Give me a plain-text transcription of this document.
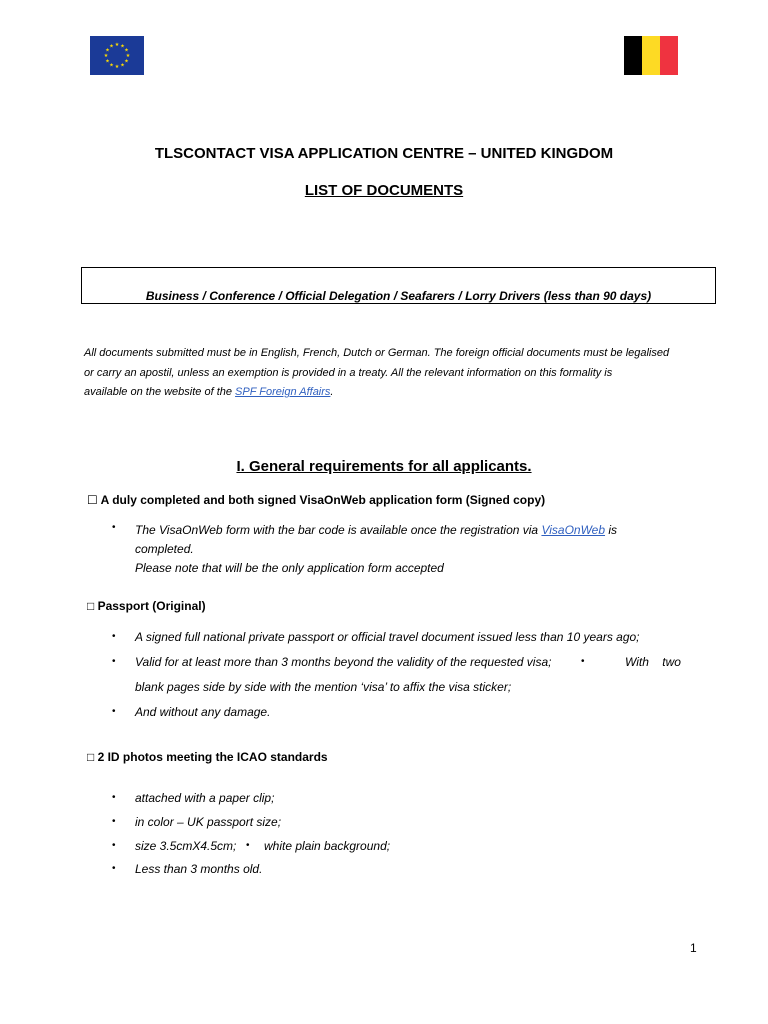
★ ★
★
★
★
★
★
★
★
★
★
★
TLSCONTACT VISA APPLICATION CENTRE – UNITED KINGDOM
LIST OF DOCUMENTS
Business / Conference / Official Delegation / Seafarers / Lorry Drivers (less than 90 days)
All documents submitted must be in English, French, Dutch or German. The foreign official documents must be legalised
or carry an apostil, unless an exemption is provided in a treaty. All the relevant information on this formality is
available on the website of the SPF Foreign Affairs.
I. General requirements for all applicants.
☐ A duly completed and both signed VisaOnWeb application form (Signed copy)
• The VisaOnWeb form with the bar code is available once the registration via VisaOnWeb is
completed.
Please note that will be the only application form accepted
□ Passport (Original)
• A signed full national private passport or official travel document issued less than 10 years ago;
• Valid for at least more than 3 months beyond the validity of the requested visa;	•	With    two
blank pages side by side with the mention ‘visa’ to affix the visa sticker;
• And without any damage.
□ 2 ID photos meeting the ICAO standards
• attached with a paper clip;
• in color – UK passport size;
• size 3.5cmX4.5cm; • white plain background;
• Less than 3 months old.
1
